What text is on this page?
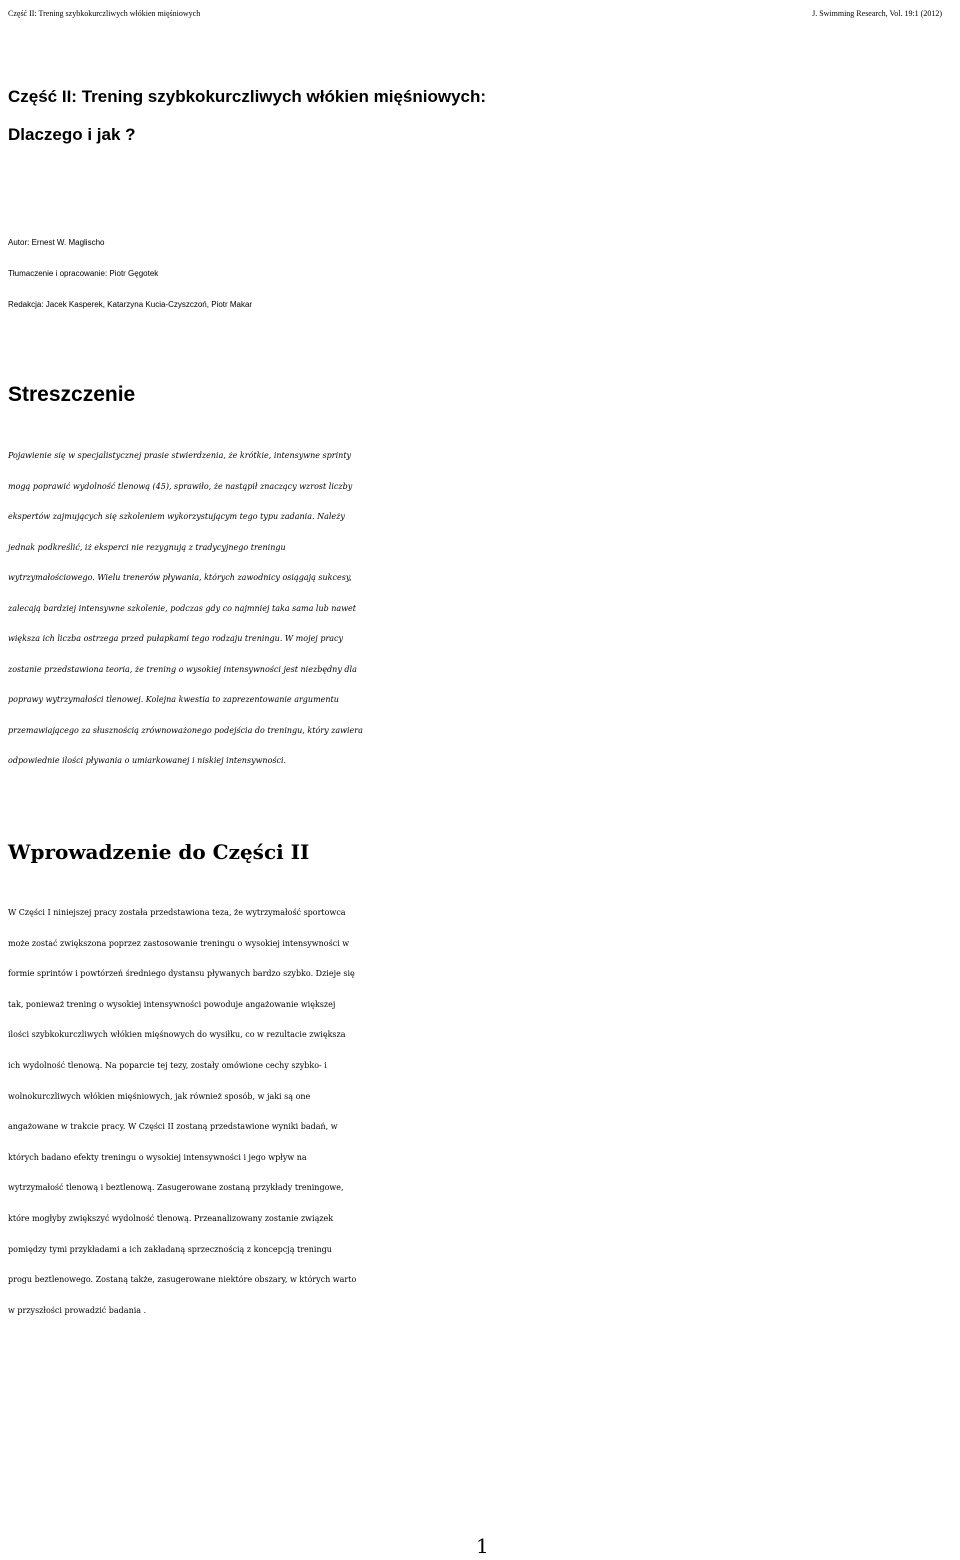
Część II: Trening szybkokurczliwych włókien mięśniowych	J. Swimming Research, Vol. 19:1 (2012)
Część II: Trening szybkokurczliwych włókien mięśniowych:
Dlaczego i jak ?
Autor: Ernest W. Maglischo
Tłumaczenie i opracowanie: Piotr Gęgotek
Redakcja: Jacek Kasperek, Katarzyna Kucia-Czyszczoń, Piotr Makar
Streszczenie

Pojawienie się w specjalistycznej prasie stwierdzenia, że krótkie, intensywne sprinty
mogą poprawić wydolność tlenową (45), sprawiło, że nastąpił znaczący wzrost liczby
ekspertów zajmujących się szkoleniem wykorzystującym tego typu zadania. Należy
jednak podkreślić, iż eksperci nie rezygnują z tradycyjnego treningu
wytrzymałościowego. Wielu trenerów pływania, których zawodnicy osiągają sukcesy,
zalecają bardziej intensywne szkolenie, podczas gdy co najmniej taka sama lub nawet
większa ich liczba ostrzega przed pułapkami tego rodzaju treningu. W mojej pracy
zostanie przedstawiona teoria, że trening o wysokiej intensywności jest niezbędny dla
poprawy wytrzymałości tlenowej. Kolejna kwestia to zaprezentowanie argumentu
przemawiającego za słusznością zrównoważonego podejścia do treningu, który zawiera
odpowiednie ilości pływania o umiarkowanej i niskiej intensywności.

Wprowadzenie do Części II

W Części I niniejszej pracy została przedstawiona teza, że wytrzymałość sportowca
może zostać zwiększona poprzez zastosowanie treningu o wysokiej intensywności w
formie sprintów i powtórzeń średniego dystansu pływanych bardzo szybko. Dzieje się
tak, ponieważ trening o wysokiej intensywności powoduje angażowanie większej
ilości szybkokurczliwych włókien mięśnowych do wysiłku, co w rezultacie zwiększa
ich wydolność tlenową. Na poparcie tej tezy, zostały omówione cechy szybko- i
wolnokurczliwych włókien mięśniowych, jak również sposób, w jaki są one
angażowane w trakcie pracy. W Części II zostaną przedstawione wyniki badań, w
których badano efekty treningu o wysokiej intensywności i jego wpływ na
wytrzymałość tlenową i beztlenową. Zasugerowane zostaną przykłady treningowe,
które mogłyby zwiększyć wydolność tlenową. Przeanalizowany zostanie związek
pomiędzy tymi przykładami a ich zakładaną sprzecznością z koncepcją treningu
progu beztlenowego. Zostaną także, zasugerowane niektóre obszary, w których warto
w przyszłości prowadzić badania .

1
